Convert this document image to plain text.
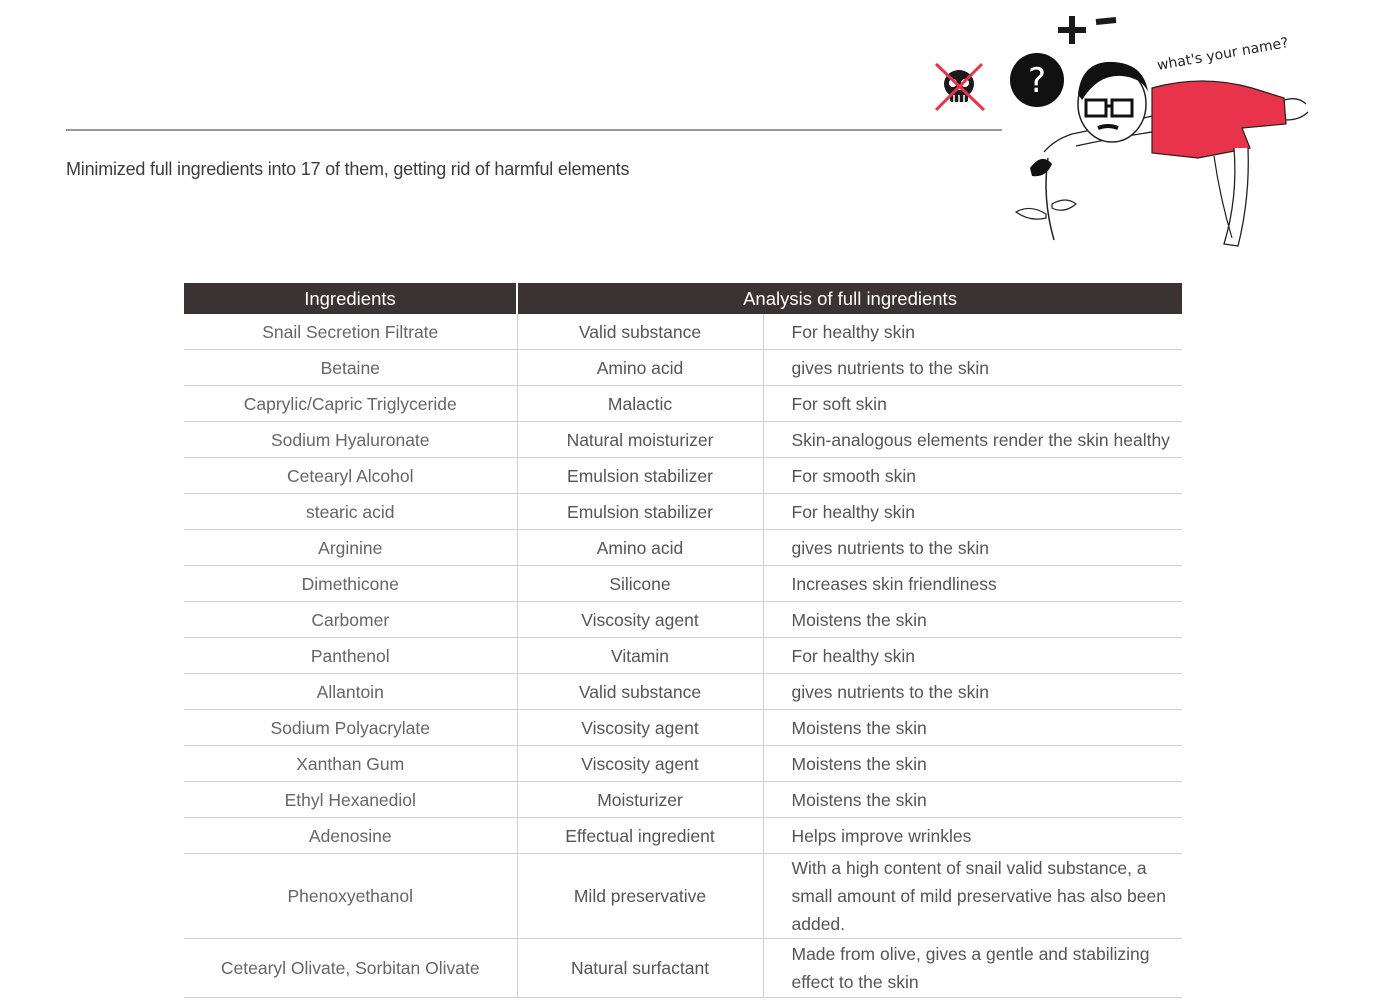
Minimized full ingredients into 17 of them, getting rid of harmful elements
?
what's your name?
Ingredients	Analysis of full ingredients	
Snail Secretion Filtrate	Valid substance	For healthy skin
Betaine	Amino acid	gives nutrients to the skin
Caprylic/Capric Triglyceride	Malactic	For soft skin
Sodium Hyaluronate	Natural moisturizer	Skin-analogous elements render the skin healthy
Cetearyl Alcohol	Emulsion stabilizer	For smooth skin
stearic acid	Emulsion stabilizer	For healthy skin
Arginine	Amino acid	gives nutrients to the skin
Dimethicone	Silicone	Increases skin friendliness
Carbomer	Viscosity agent	Moistens the skin
Panthenol	Vitamin	For healthy skin
Allantoin	Valid substance	gives nutrients to the skin
Sodium Polyacrylate	Viscosity agent	Moistens the skin
Xanthan Gum	Viscosity agent	Moistens the skin
Ethyl Hexanediol	Moisturizer	Moistens the skin
Adenosine	Effectual ingredient	Helps improve wrinkles
Phenoxyethanol	Mild preservative	With a high content of snail valid substance, a small amount of mild preservative has also been added.
Cetearyl Olivate, Sorbitan Olivate	Natural surfactant	Made from olive, gives a gentle and stabilizing effect to the skin
